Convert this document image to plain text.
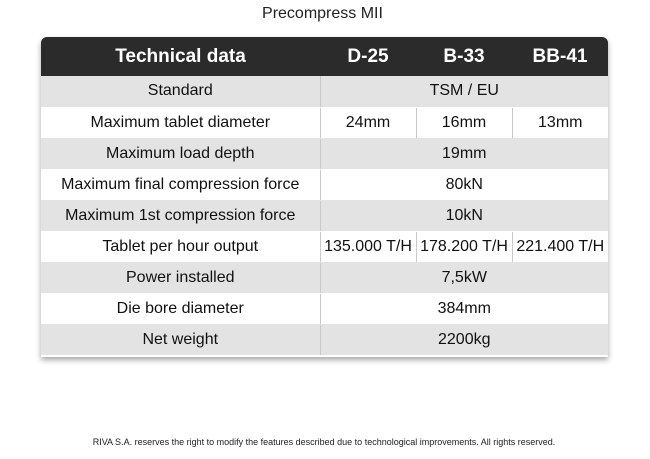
Precompress MII
Technical data	D-25	B-33	BB-41
Standard	TSM / EU		
Maximum tablet diameter	24mm	16mm	13mm
Maximum load depth	19mm		
Maximum final compression force	80kN		
Maximum 1st compression force	10kN		
Tablet per hour output	135.000 T/H	178.200 T/H	221.400 T/H
Power installed	7,5kW		
Die bore diameter	384mm		
Net weight	2200kg		
RIVA S.A. reserves the right to modify the features described due to technological improvements. All rights reserved.
